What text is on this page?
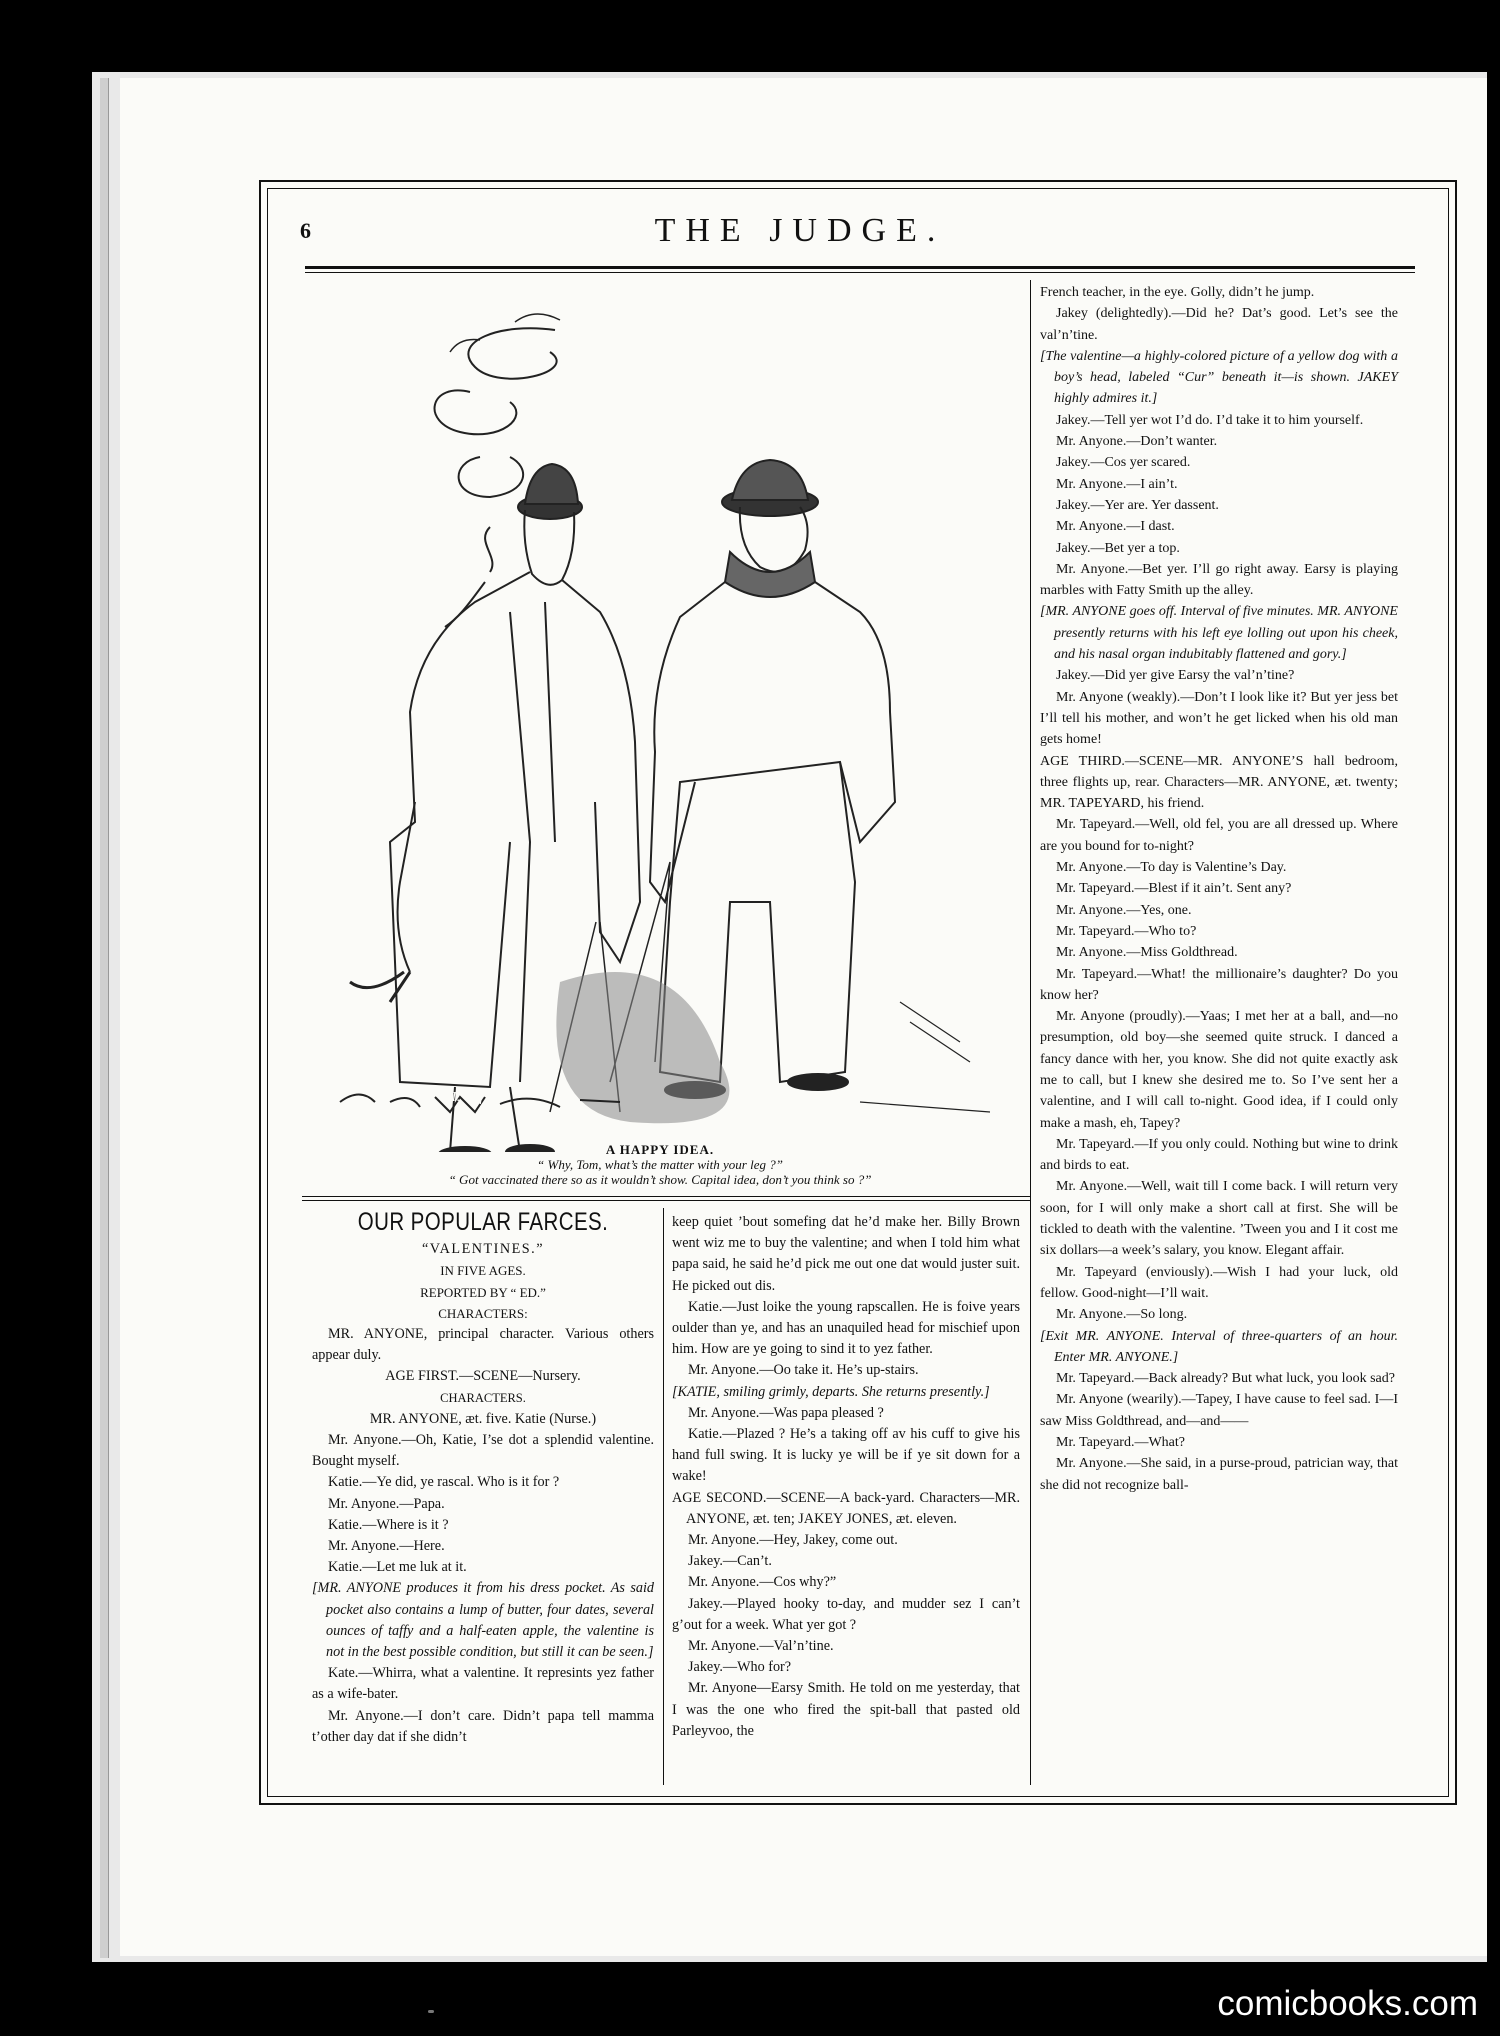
6	THE JUDGE.
T. W-f
A HAPPY IDEA.
“ Why, Tom, what’s the matter with your leg ?”
“ Got vaccinated there so as it wouldn’t show. Capital idea, don’t you think so ?”

OUR POPULAR FARCES.

“VALENTINES.”

IN FIVE AGES.

REPORTED BY “ ED.”

CHARACTERS:

MR. ANYONE, principal character. Various others appear duly.

AGE FIRST.—SCENE—Nursery.

CHARACTERS.

MR. ANYONE, æt. five. Katie (Nurse.)

Mr. Anyone.—Oh, Katie, I’se dot a splendid valentine. Bought myself.

Katie.—Ye did, ye rascal. Who is it for ?

Mr. Anyone.—Papa.

Katie.—Where is it ?

Mr. Anyone.—Here.

Katie.—Let me luk at it.

[MR. ANYONE produces it from his dress pocket. As said pocket also contains a lump of butter, four dates, several ounces of taffy and a half-eaten apple, the valentine is not in the best possible condition, but still it can be seen.]

Kate.—Whirra, what a valentine. It represints yez father as a wife-bater.

Mr. Anyone.—I don’t care. Didn’t papa tell mamma t’other day dat if she didn’t

keep quiet ’bout somefing dat he’d make her. Billy Brown went wiz me to buy the valentine; and when I told him what papa said, he said he’d pick me out one dat would juster suit. He picked out dis.

Katie.—Just loike the young rapscallen. He is foive years oulder than ye, and has an unaquiled head for mischief upon him. How are ye going to sind it to yez father.

Mr. Anyone.—Oo take it. He’s up-stairs.

[KATIE, smiling grimly, departs. She returns presently.]

Mr. Anyone.—Was papa pleased ?

Katie.—Plazed ? He’s a taking off av his cuff to give his hand full swing. It is lucky ye will be if ye sit down for a wake!

AGE SECOND.—SCENE—A back-yard. Characters—MR. ANYONE, æt. ten; JAKEY JONES, æt. eleven.

Mr. Anyone.—Hey, Jakey, come out.

Jakey.—Can’t.

Mr. Anyone.—Cos why?”

Jakey.—Played hooky to-day, and mudder sez I can’t g’out for a week. What yer got ?

Mr. Anyone.—Val’n’tine.

Jakey.—Who for?

Mr. Anyone—Earsy Smith. He told on me yesterday, that I was the one who fired the spit-ball that pasted old Parleyvoo, the

French teacher, in the eye. Golly, didn’t he jump.

Jakey (delightedly).—Did he? Dat’s good. Let’s see the val’n’tine.

[The valentine—a highly-colored picture of a yellow dog with a boy’s head, labeled “Cur” beneath it—is shown. JAKEY highly admires it.]

Jakey.—Tell yer wot I’d do. I’d take it to him yourself.

Mr. Anyone.—Don’t wanter.

Jakey.—Cos yer scared.

Mr. Anyone.—I ain’t.

Jakey.—Yer are. Yer dassent.

Mr. Anyone.—I dast.

Jakey.—Bet yer a top.

Mr. Anyone.—Bet yer. I’ll go right away. Earsy is playing marbles with Fatty Smith up the alley.

[MR. ANYONE goes off. Interval of five minutes. MR. ANYONE presently returns with his left eye lolling out upon his cheek, and his nasal organ indubitably flattened and gory.]

Jakey.—Did yer give Earsy the val’n’tine?

Mr. Anyone (weakly).—Don’t I look like it? But yer jess bet I’ll tell his mother, and won’t he get licked when his old man gets home!

AGE THIRD.—SCENE—MR. ANYONE’S hall bedroom, three flights up, rear. Characters—MR. ANYONE, æt. twenty; MR. TAPEYARD, his friend.

Mr. Tapeyard.—Well, old fel, you are all dressed up. Where are you bound for to-night?

Mr. Anyone.—To day is Valentine’s Day.

Mr. Tapeyard.—Blest if it ain’t. Sent any?

Mr. Anyone.—Yes, one.

Mr. Tapeyard.—Who to?

Mr. Anyone.—Miss Goldthread.

Mr. Tapeyard.—What! the millionaire’s daughter? Do you know her?

Mr. Anyone (proudly).—Yaas; I met her at a ball, and—no presumption, old boy—she seemed quite struck. I danced a fancy dance with her, you know. She did not quite exactly ask me to call, but I knew she desired me to. So I’ve sent her a valentine, and I will call to-night. Good idea, if I could only make a mash, eh, Tapey?

Mr. Tapeyard.—If you only could. Nothing but wine to drink and birds to eat.

Mr. Anyone.—Well, wait till I come back. I will return very soon, for I will only make a short call at first. She will be tickled to death with the valentine. ’Tween you and I it cost me six dollars—a week’s salary, you know. Elegant affair.

Mr. Tapeyard (enviously).—Wish I had your luck, old fellow. Good-night—I’ll wait.

Mr. Anyone.—So long.

[Exit MR. ANYONE. Interval of three-quarters of an hour. Enter MR. ANYONE.]

Mr. Tapeyard.—Back already? But what luck, you look sad?

Mr. Anyone (wearily).—Tapey, I have cause to feel sad. I—I saw Miss Goldthread, and—and——

Mr. Tapeyard.—What?

Mr. Anyone.—She said, in a purse-proud, patrician way, that she did not recognize ball-

comicbooks.com
